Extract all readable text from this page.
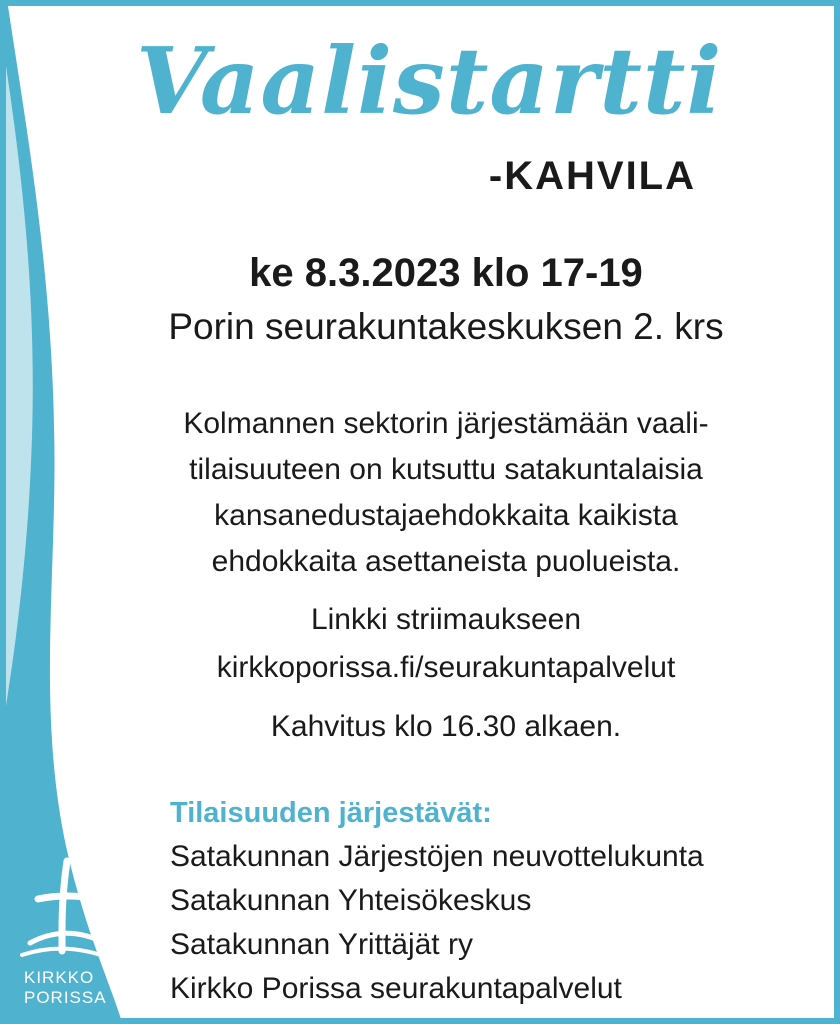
Vaalistartti
-KAHVILA
ke 8.3.2023 klo 17-19
Porin seurakuntakeskuksen 2. krs
Kolmannen sektorin järjestämään vaali-
tilaisuuteen on kutsuttu satakuntalaisia
kansanedustajaehdokkaita kaikista
ehdokkaita asettaneista puolueista.
Linkki striimaukseen
kirkkoporissa.fi/seurakuntapalvelut
Kahvitus klo 16.30 alkaen.
Tilaisuuden järjestävät:
Satakunnan Järjestöjen neuvottelukunta
Satakunnan Yhteisökeskus
Satakunnan Yrittäjät ry
Kirkko Porissa seurakuntapalvelut
KIRKKO
PORISSA
